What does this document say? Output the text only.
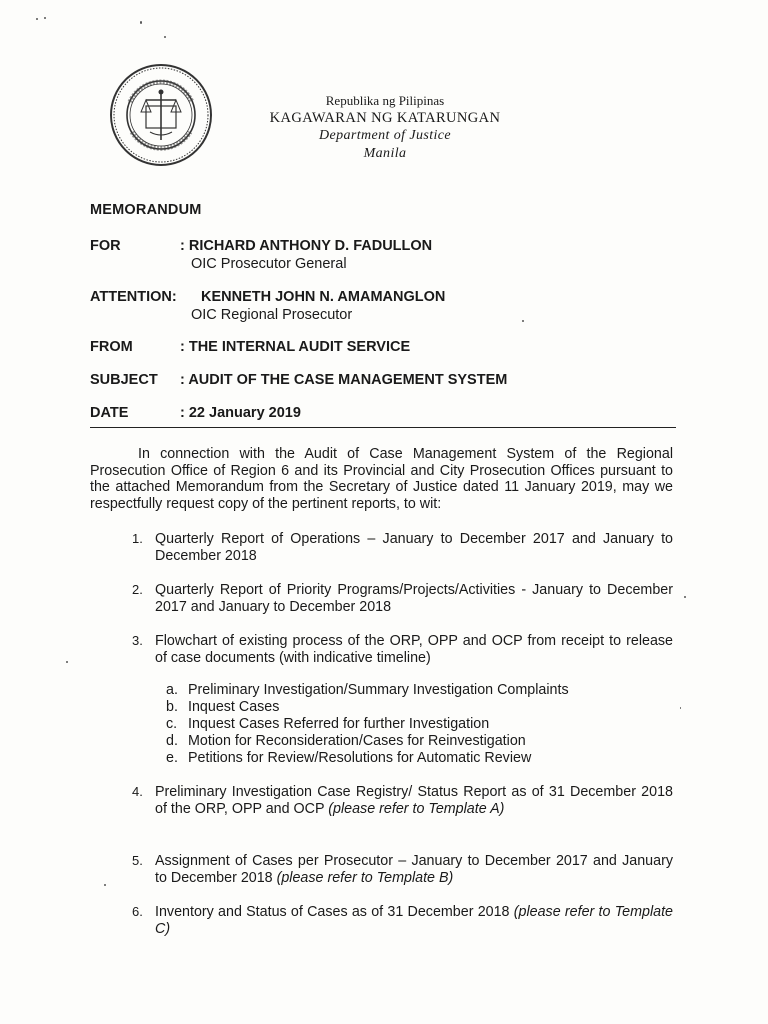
Republika ng Pilipinas
KAGAWARAN NG KATARUNGAN
Department of Justice
Manila
MEMORANDUM
FOR	: RICHARD ANTHONY D. FADULLON
OIC Prosecutor General
ATTENTION: KENNETH JOHN N. AMAMANGLON
OIC Regional Prosecutor
FROM	: THE INTERNAL AUDIT SERVICE
SUBJECT : AUDIT OF THE CASE MANAGEMENT SYSTEM
DATE	: 22 January 2019
In connection with the Audit of Case Management System of the Regional Prosecution Office of Region 6 and its Provincial and City Prosecution Offices pursuant to the attached Memorandum from the Secretary of Justice dated 11 January 2019, may we respectfully request copy of the pertinent reports, to wit:
1. Quarterly Report of Operations – January to December 2017 and January to December 2018
2. Quarterly Report of Priority Programs/Projects/Activities - January to December 2017 and January to December 2018
3. Flowchart of existing process of the ORP, OPP and OCP from receipt to release of case documents (with indicative timeline)
a. Preliminary Investigation/Summary Investigation Complaints
b. Inquest Cases
c. Inquest Cases Referred for further Investigation
d. Motion for Reconsideration/Cases for Reinvestigation
e. Petitions for Review/Resolutions for Automatic Review
4. Preliminary Investigation Case Registry/ Status Report as of 31 December 2018 of the ORP, OPP and OCP (please refer to Template A)
5. Assignment of Cases per Prosecutor – January to December 2017 and January to December 2018 (please refer to Template B)
6. Inventory and Status of Cases as of 31 December 2018 (please refer to Template C)
